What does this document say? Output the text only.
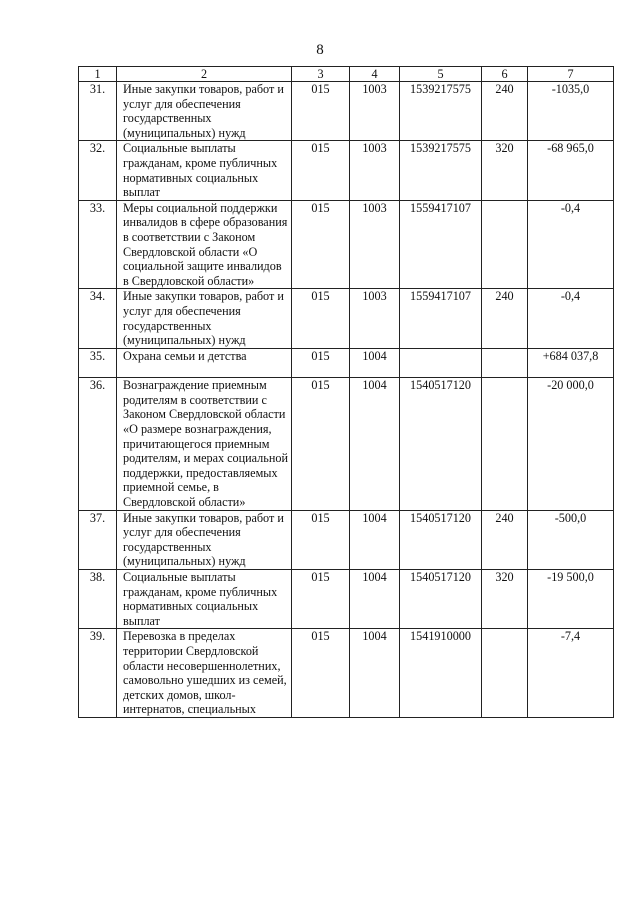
8
1	2	3	4	5	6	7
31.	Иные закупки товаров, работ и услуг для обеспечения государственных (муниципальных) нужд	015	1003	1539217575	240	-1035,0
32.	Социальные выплаты гражданам, кроме публичных нормативных социальных выплат	015	1003	1539217575	320	-68 965,0
33.	Меры социальной поддержки инвалидов в сфере образования в соответствии с Законом Свердловской области «О социальной защите инвалидов в Свердловской области»	015	1003	1559417107		-0,4
34.	Иные закупки товаров, работ и услуг для обеспечения государственных (муниципальных) нужд	015	1003	1559417107	240	-0,4
35.	Охрана семьи и детства	015	1004			+684 037,8
36.	Вознаграждение приемным родителям в соответствии с Законом Свердловской области «О размере вознаграждения, причитающегося приемным родителям, и мерах социальной поддержки, предоставляемых приемной семье, в Свердловской области»	015	1004	1540517120		-20 000,0
37.	Иные закупки товаров, работ и услуг для обеспечения государственных (муниципальных) нужд	015	1004	1540517120	240	-500,0
38.	Социальные выплаты гражданам, кроме публичных нормативных социальных выплат	015	1004	1540517120	320	-19 500,0
39.	Перевозка в пределах территории Свердловской области несовершеннолетних, самовольно ушедших из семей, детских домов, школ-интернатов, специальных	015	1004	1541910000		-7,4
